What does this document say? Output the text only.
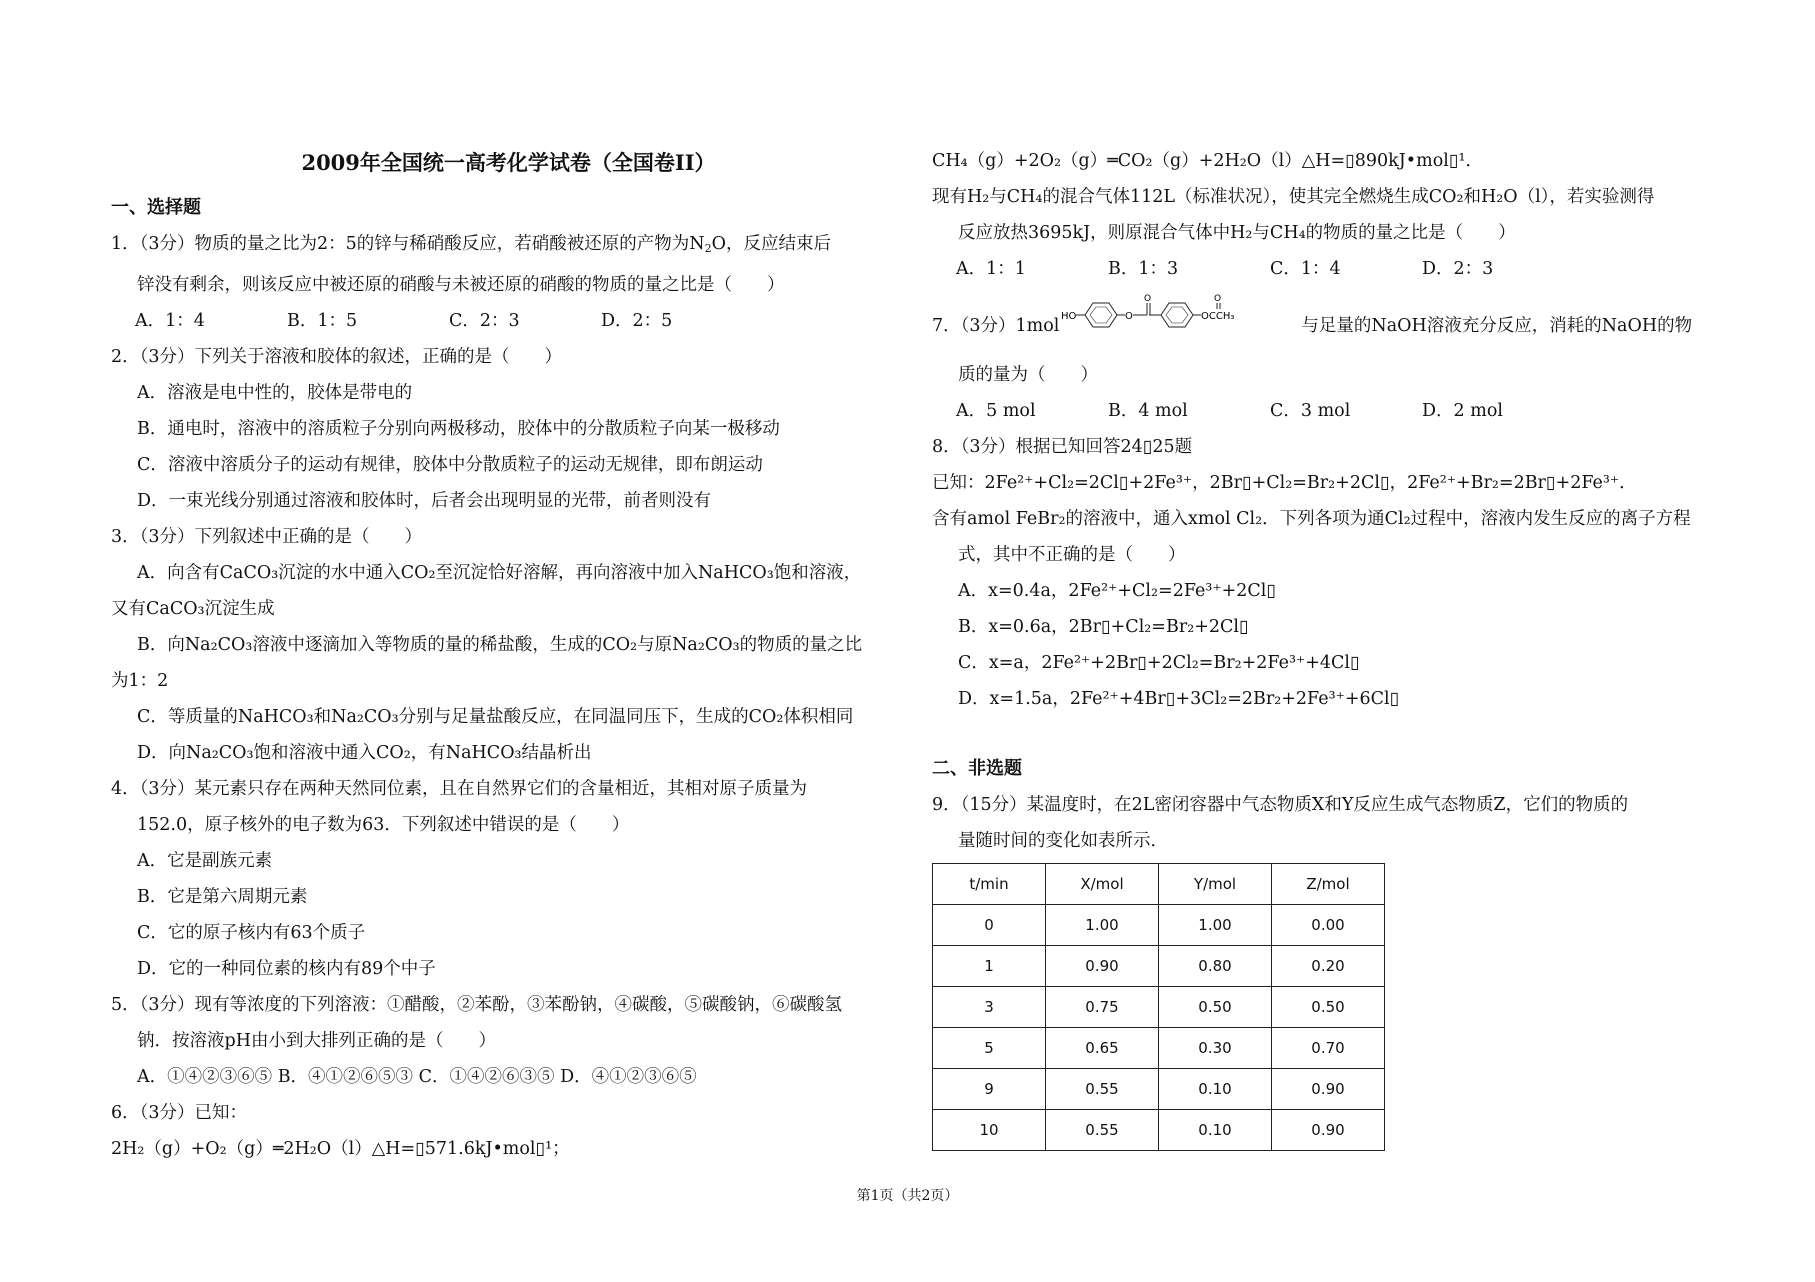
2009年全国统一高考化学试卷（全国卷II）
一、选择题
1．（3分）物质的量之比为2：5的锌与稀硝酸反应，若硝酸被还原的产物为$N_2O$，反应结束后
锌没有剩余，则该反应中被还原的硝酸与未被还原的硝酸的物质的量之比是（　　）
A．1：4	B．1：5	C．2：3	D．2：5
2．（3分）下列关于溶液和胶体的叙述，正确的是（　　）
A．溶液是电中性的，胶体是带电的
B．通电时，溶液中的溶质粒子分别向两极移动，胶体中的分散质粒子向某一极移动
C．溶液中溶质分子的运动有规律，胶体中分散质粒子的运动无规律，即布朗运动
D．一束光线分别通过溶液和胶体时，后者会出现明显的光带，前者则没有
3．（3分）下列叙述中正确的是（　　）
A．向含有CaCO₃沉淀的水中通入CO₂至沉淀恰好溶解，再向溶液中加入NaHCO₃饱和溶液，
又有CaCO₃沉淀生成
B．向Na₂CO₃溶液中逐滴加入等物质的量的稀盐酸，生成的CO₂与原Na₂CO₃的物质的量之比
为1：2
C．等质量的NaHCO₃和Na₂CO₃分别与足量盐酸反应，在同温同压下，生成的CO₂体积相同
D．向Na₂CO₃饱和溶液中通入CO₂，有NaHCO₃结晶析出
4．（3分）某元素只存在两种天然同位素，且在自然界它们的含量相近，其相对原子质量为
152.0，原子核外的电子数为63．下列叙述中错误的是（　　）
A．它是副族元素
B．它是第六周期元素
C．它的原子核内有63个质子
D．它的一种同位素的核内有89个中子
5．（3分）现有等浓度的下列溶液：①醋酸，②苯酚，③苯酚钠，④碳酸，⑤碳酸钠，⑥碳酸氢
钠．按溶液pH由小到大排列正确的是（　　）
A．①④②③⑥⑤ B．④①②⑥⑤③ C．①④②⑥③⑤ D．④①②③⑥⑤
6．（3分）已知：
2H₂（g）+O₂（g）═2H₂O（l）△H=▯571.6kJ•mol▯¹；
CH₄（g）+2O₂（g）═CO₂（g）+2H₂O（l）△H=▯890kJ•mol▯¹．
现有H₂与CH₄的混合气体112L（标准状况），使其完全燃烧生成CO₂和H₂O（l），若实验测得
反应放热3695kJ，则原混合气体中H₂与CH₄的物质的量之比是（　　）
A．1：1	B．1：3	C．1：4	D．2：3
7．（3分）1mol HO	O
O
OCCH₃
O
与足量的NaOH溶液充分反应，消耗的NaOH的物
质的量为（　　）
A．5 mol	B．4 mol	C．3 mol	D．2 mol
8．（3分）根据已知回答24▯25题
已知：2Fe²⁺+Cl₂=2Cl▯+2Fe³⁺，2Br▯+Cl₂=Br₂+2Cl▯，2Fe²⁺+Br₂=2Br▯+2Fe³⁺．
含有amol FeBr₂的溶液中，通入xmol Cl₂．下列各项为通Cl₂过程中，溶液内发生反应的离子方程
式，其中不正确的是（　　）
A．x=0.4a，2Fe²⁺+Cl₂=2Fe³⁺+2Cl▯
B．x=0.6a，2Br▯+Cl₂=Br₂+2Cl▯
C．x=a，2Fe²⁺+2Br▯+2Cl₂=Br₂+2Fe³⁺+4Cl▯
D．x=1.5a，2Fe²⁺+4Br▯+3Cl₂=2Br₂+2Fe³⁺+6Cl▯
二、非选题
9．（15分）某温度时，在2L密闭容器中气态物质X和Y反应生成气态物质Z，它们的物质的
量随时间的变化如表所示．
t/min	X/mol	Y/mol	Z/mol
0	1.00	1.00	0.00
1	0.90	0.80	0.20
3	0.75	0.50	0.50
5	0.65	0.30	0.70
9	0.55	0.10	0.90
10	0.55	0.10	0.90
第1页（共2页）
